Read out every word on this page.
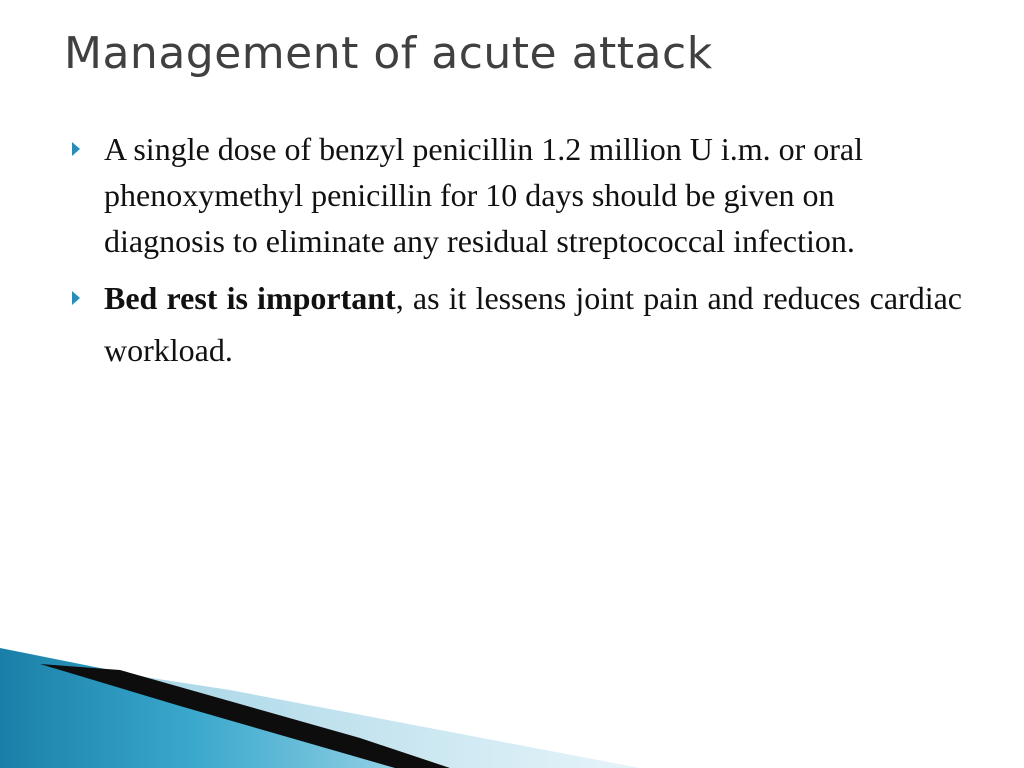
Management of acute attack
A single dose of benzyl penicillin 1.2 million U i.m. or oral phenoxymethyl penicillin for 10 days should be given on diagnosis to eliminate any residual streptococcal infection.
Bed rest is important, as it lessens joint pain and reduces cardiac workload.
